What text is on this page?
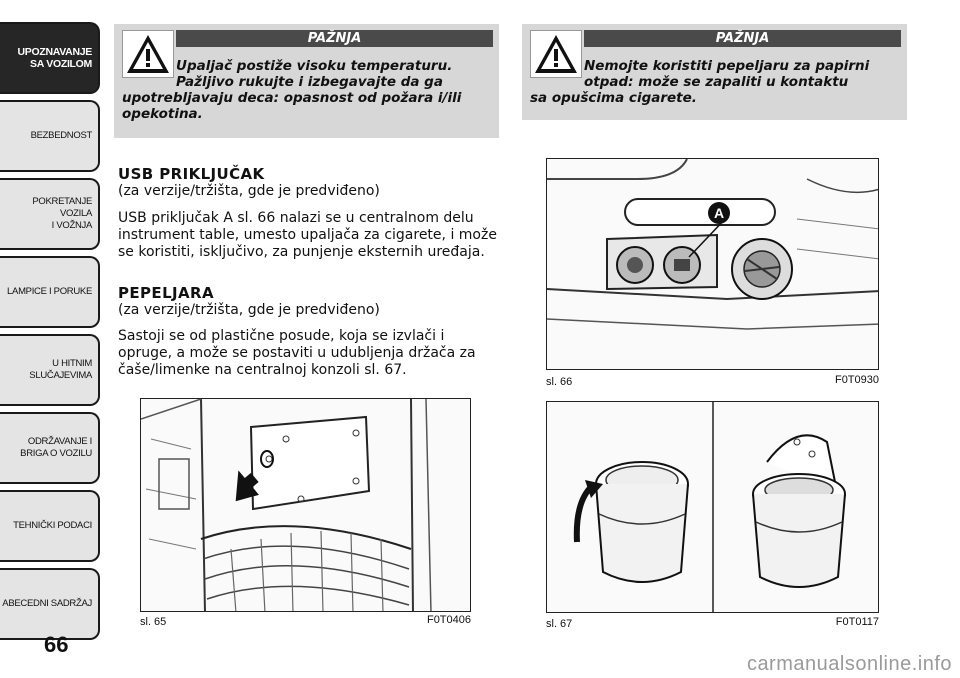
UPOZNAVANJE
SA VOZILOM
BEZBEDNOST
POKRETANJE VOZILA
I VOŽNJA
LAMPICE I PORUKE
U HITNIM
SLUČAJEVIMA
ODRŽAVANJE I
BRIGA O VOZILU
TEHNIČKI PODACI
ABECEDNI SADRŽAJ
66
PAŽNJA
Upaljač postiže visoku temperaturu.
Pažljivo rukujte i izbegavajte da ga
upotrebljavaju deca: opasnost od požara i/ili
opekotina.
PAŽNJA
Nemojte koristiti pepeljaru za papirni
otpad: može se zapaliti u kontaktu
sa opušcima cigarete.
USB PRIKLJUČAK
(za verzije/tržišta, gde je predviđeno)
USB priključak A sl. 66 nalazi se u centralnom delu
instrument table, umesto upaljača za cigarete, i može
se koristiti, isključivo, za punjenje eksternih uređaja.
PEPELJARA
(za verzije/tržišta, gde je predviđeno)
Sastoji se od plastične posude, koja se izvlači i
opruge, a može se postaviti u udubljenja držača za
čaše/limenke na centralnoj konzoli sl. 67.
sl. 65	F0T0406
A
sl. 66	F0T0930
sl. 67	F0T0117
carmanualsonline.info
